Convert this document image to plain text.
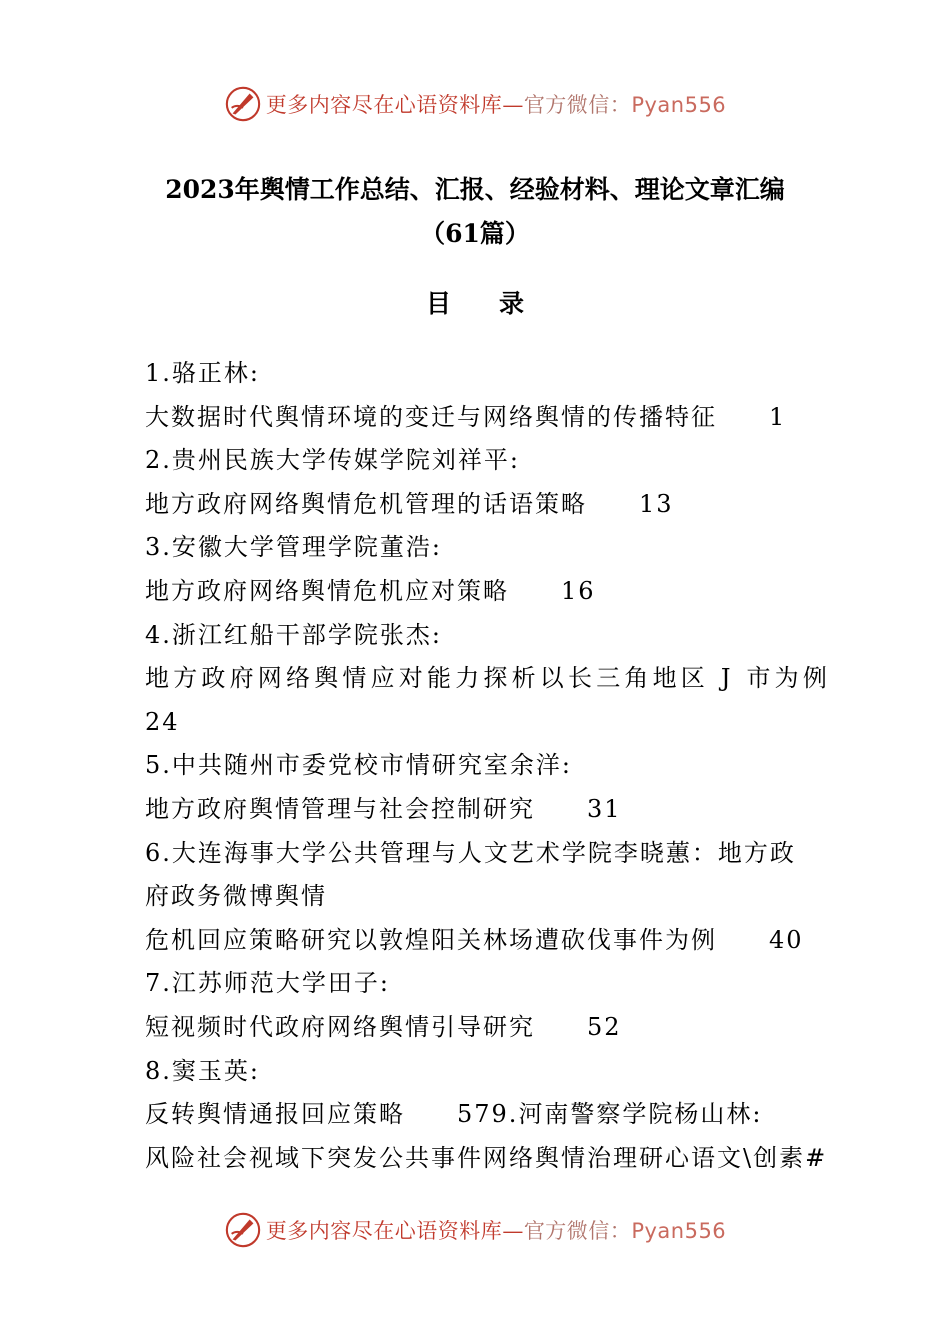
更多内容尽在心语资料库—官方微信：Pyan556
2023年舆情工作总结、汇报、经验材料、理论文章汇编
（61篇）
目录
1.骆正林:
大数据时代舆情环境的变迁与网络舆情的传播特征 1
2.贵州民族大学传媒学院刘祥平:
地方政府网络舆情危机管理的话语策略 13
3.安徽大学管理学院董浩:
地方政府网络舆情危机应对策略 16
4.浙江红船干部学院张杰:
地方政府网络舆情应对能力探析以长三角地区 J 市为例
24
5.中共随州市委党校市情研究室余洋:
地方政府舆情管理与社会控制研究 31
6.大连海事大学公共管理与人文艺术学院李晓蕙：地方政
府政务微博舆情
危机回应策略研究以敦煌阳关林场遭砍伐事件为例 40
7.江苏师范大学田子:
短视频时代政府网络舆情引导研究 52
8.窦玉英:
反转舆情通报回应策略 579.河南警察学院杨山林:
风险社会视域下突发公共事件网络舆情治理研心语文\创素#
更多内容尽在心语资料库—官方微信：Pyan556
